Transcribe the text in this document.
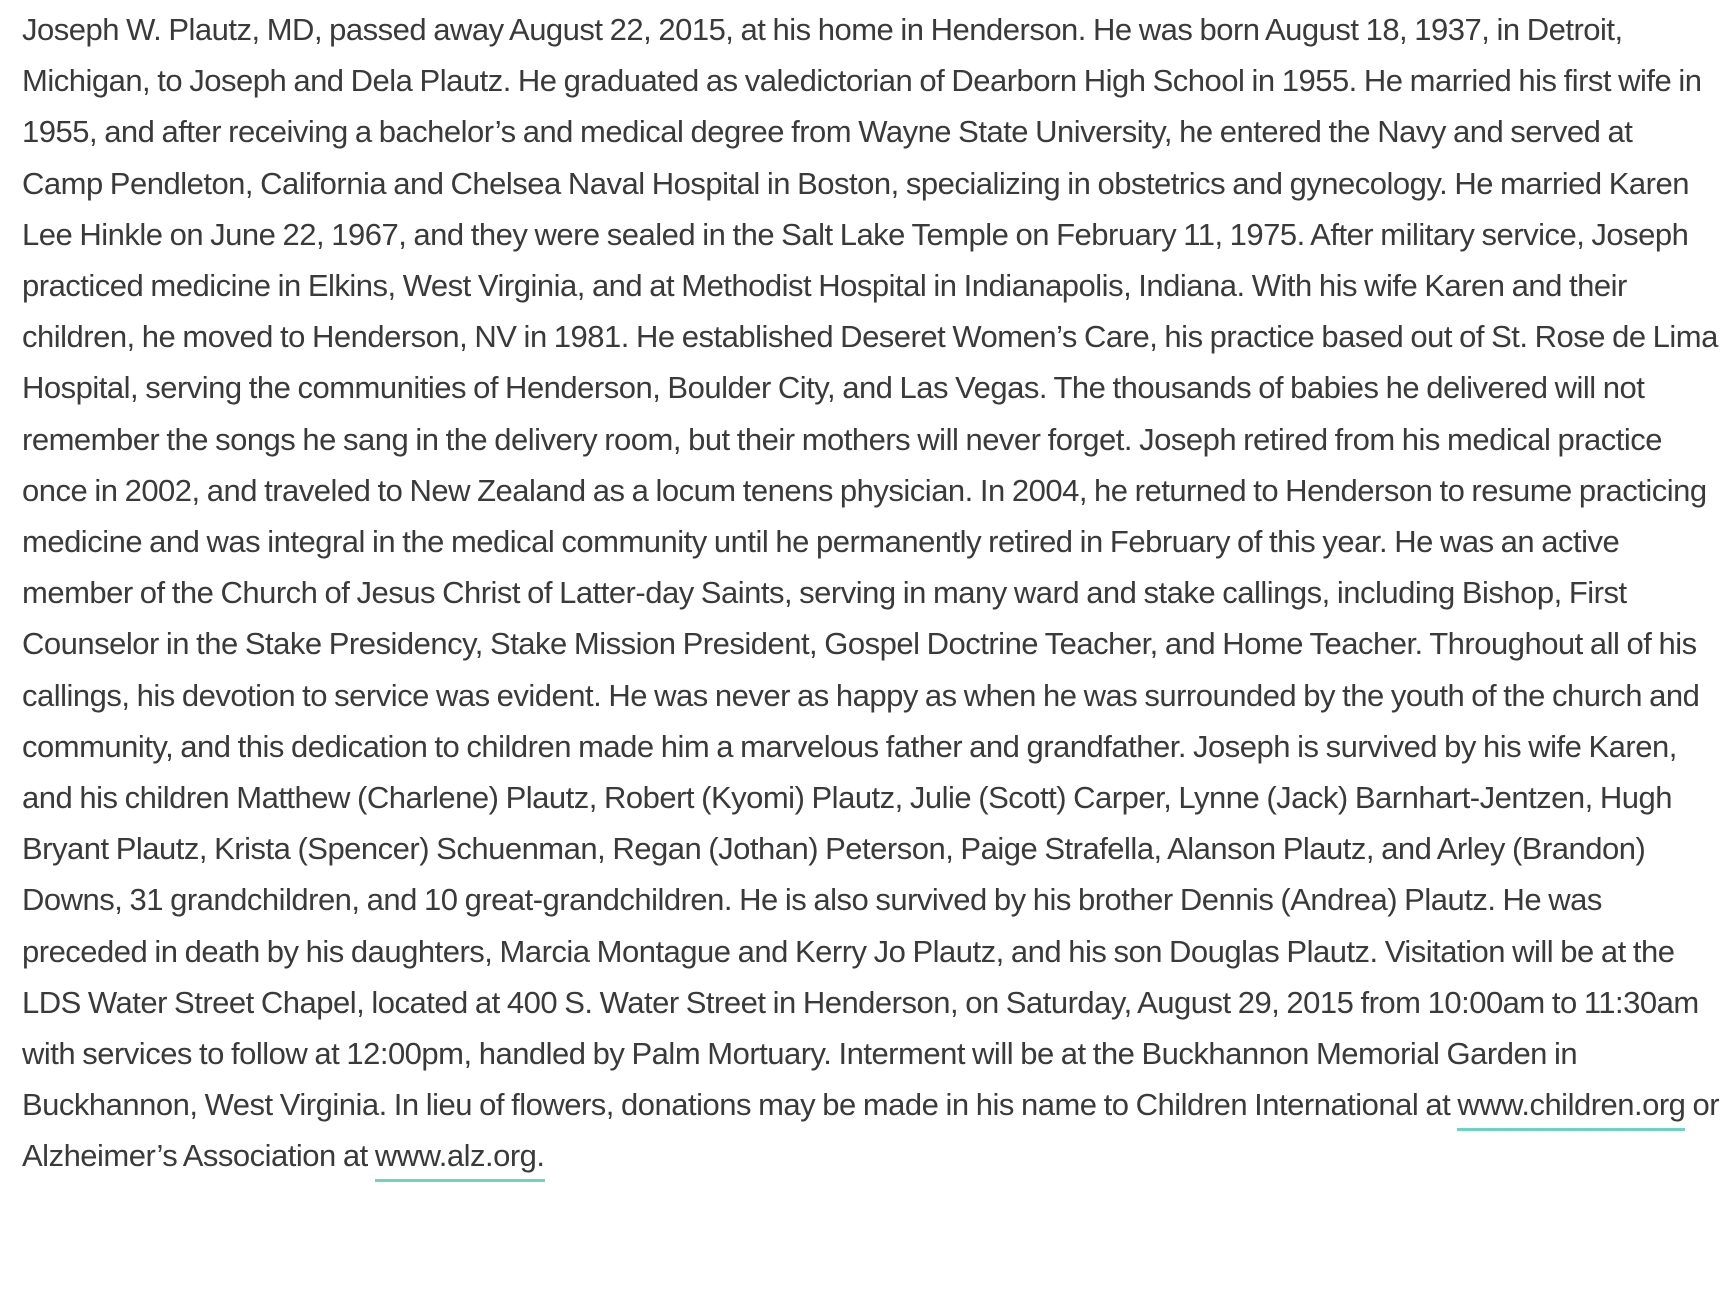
Joseph W. Plautz, MD, passed away August 22, 2015, at his home in Henderson. He was born August 18, 1937, in Detroit, Michigan, to Joseph and Dela Plautz. He graduated as valedictorian of Dearborn High School in 1955. He married his first wife in 1955, and after receiving a bachelor’s and medical degree from Wayne State University, he entered the Navy and served at Camp Pendleton, California and Chelsea Naval Hospital in Boston, specializing in obstetrics and gynecology. He married Karen Lee Hinkle on June 22, 1967, and they were sealed in the Salt Lake Temple on February 11, 1975. After military service, Joseph practiced medicine in Elkins, West Virginia, and at Methodist Hospital in Indianapolis, Indiana. With his wife Karen and their children, he moved to Henderson, NV in 1981. He established Deseret Women’s Care, his practice based out of St. Rose de Lima Hospital, serving the communities of Henderson, Boulder City, and Las Vegas. The thousands of babies he delivered will not remember the songs he sang in the delivery room, but their mothers will never forget. Joseph retired from his medical practice once in 2002, and traveled to New Zealand as a locum tenens physician. In 2004, he returned to Henderson to resume practicing medicine and was integral in the medical community until he permanently retired in February of this year. He was an active member of the Church of Jesus Christ of Latter-day Saints, serving in many ward and stake callings, including Bishop, First Counselor in the Stake Presidency, Stake Mission President, Gospel Doctrine Teacher, and Home Teacher. Throughout all of his callings, his devotion to service was evident. He was never as happy as when he was surrounded by the youth of the church and community, and this dedication to children made him a marvelous father and grandfather. Joseph is survived by his wife Karen, and his children Matthew (Charlene) Plautz, Robert (Kyomi) Plautz, Julie (Scott) Carper, Lynne (Jack) Barnhart-Jentzen, Hugh Bryant Plautz, Krista (Spencer) Schuenman, Regan (Jothan) Peterson, Paige Strafella, Alanson Plautz, and Arley (Brandon) Downs, 31 grandchildren, and 10 great-grandchildren. He is also survived by his brother Dennis (Andrea) Plautz. He was preceded in death by his daughters, Marcia Montague and Kerry Jo Plautz, and his son Douglas Plautz. Visitation will be at the LDS Water Street Chapel, located at 400 S. Water Street in Henderson, on Saturday, August 29, 2015 from 10:00am to 11:30am with services to follow at 12:00pm, handled by Palm Mortuary. Interment will be at the Buckhannon Memorial Garden in Buckhannon, West Virginia. In lieu of flowers, donations may be made in his name to Children International at www.children.org or Alzheimer’s Association at www.alz.org.
